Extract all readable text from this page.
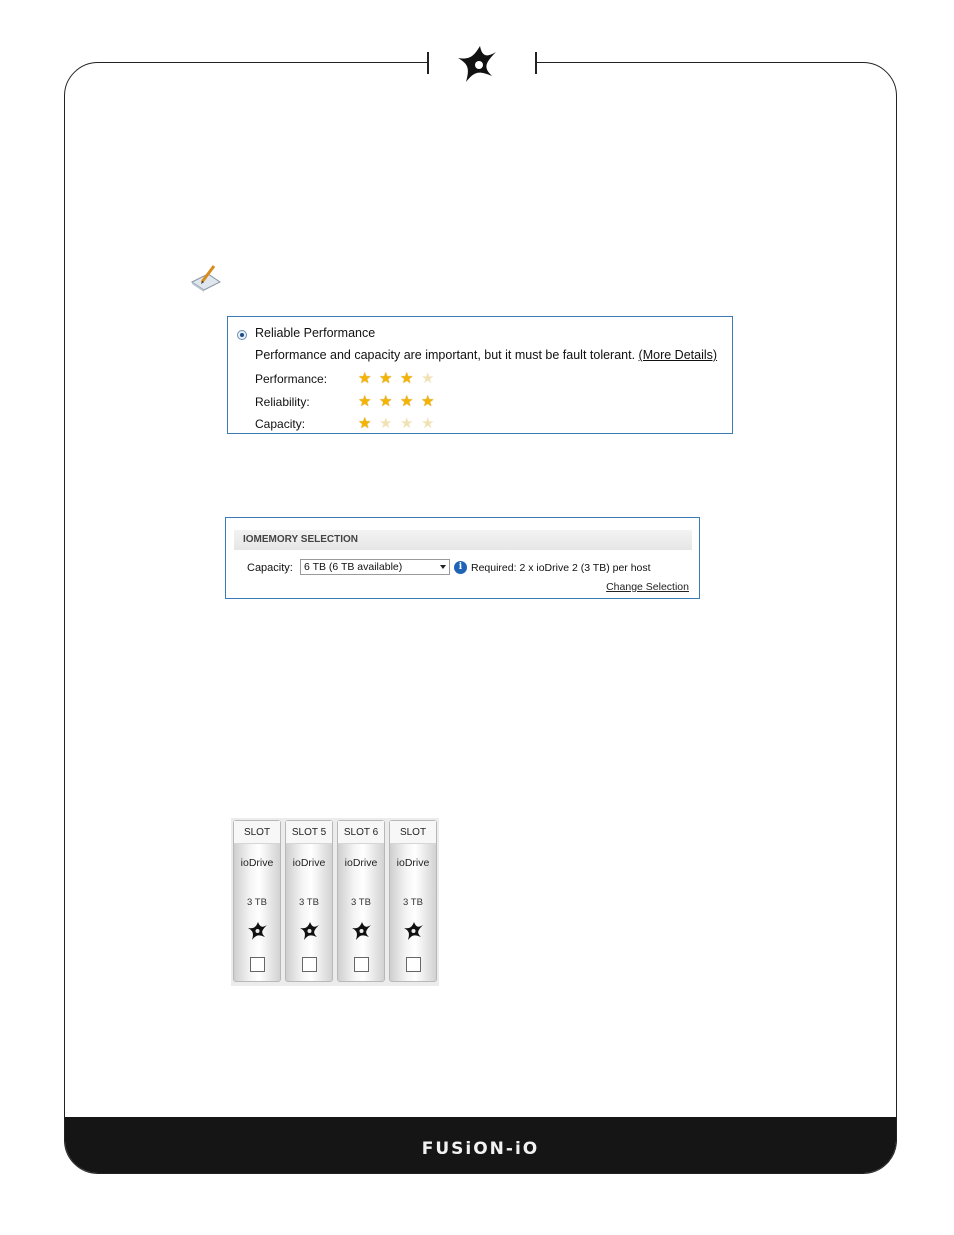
FUSiON-iO
Reliable Performance
Performance and capacity are important, but it must be fault tolerant. (More Details)
Performance: ★ ★ ★ ★
Reliability:	★ ★ ★ ★
Capacity:	★ ★ ★ ★
IOMEMORY SELECTION
Capacity:	6 TB (6 TB available)	i Required: 2 x ioDrive 2 (3 TB) per host
Change Selection
SLOT
ioDrive
3 TB
SLOT 5
ioDrive
3 TB
SLOT 6
ioDrive
3 TB
SLOT
ioDrive
3 TB
